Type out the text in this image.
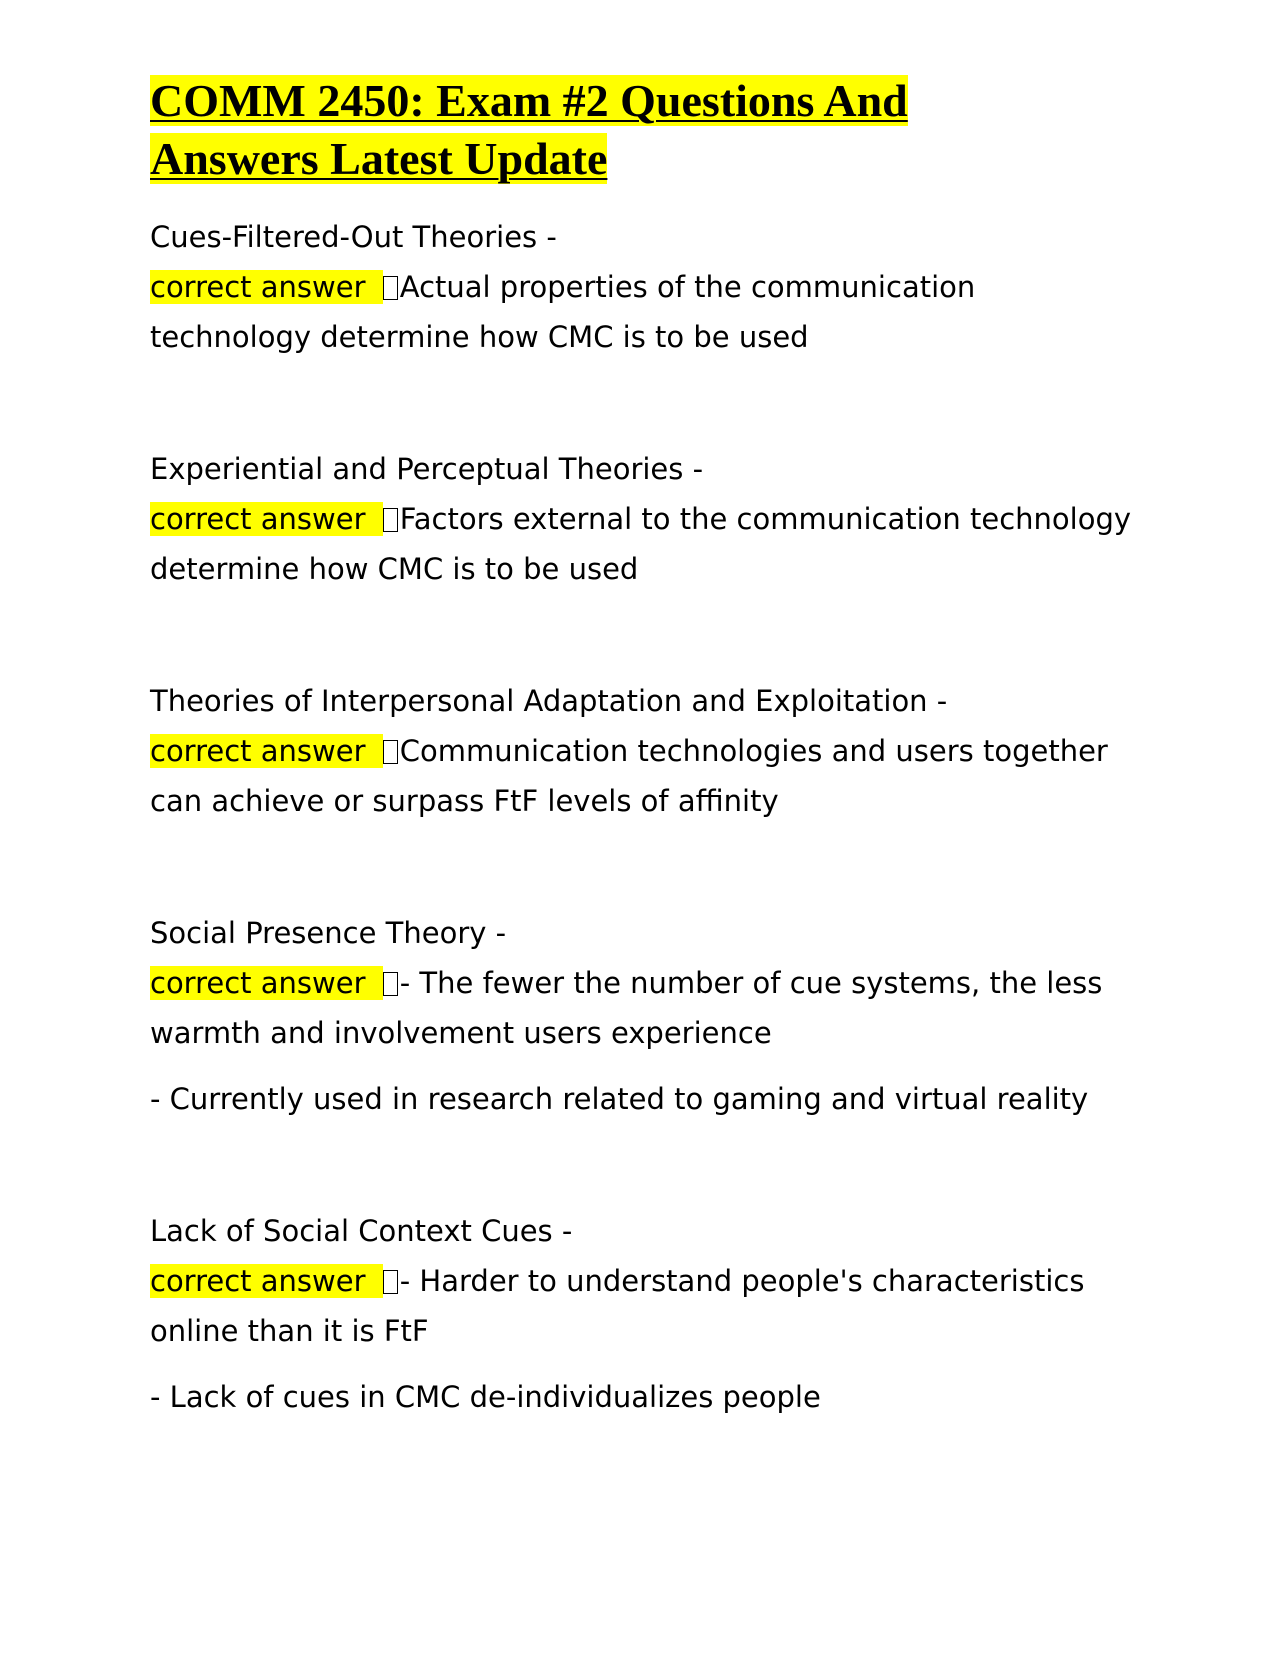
COMM 2450: Exam #2 Questions And
Answers Latest Update

Cues-Filtered-Out Theories -

correct answer Actual properties of the communication

technology determine how CMC is to be used

Experiential and Perceptual Theories -

correct answer Factors external to the communication technology

determine how CMC is to be used

Theories of Interpersonal Adaptation and Exploitation -

correct answer Communication technologies and users together

can achieve or surpass FtF levels of affinity

Social Presence Theory -

correct answer - The fewer the number of cue systems, the less

warmth and involvement users experience

- Currently used in research related to gaming and virtual reality

Lack of Social Context Cues -

correct answer - Harder to understand people's characteristics

online than it is FtF

- Lack of cues in CMC de-individualizes people
